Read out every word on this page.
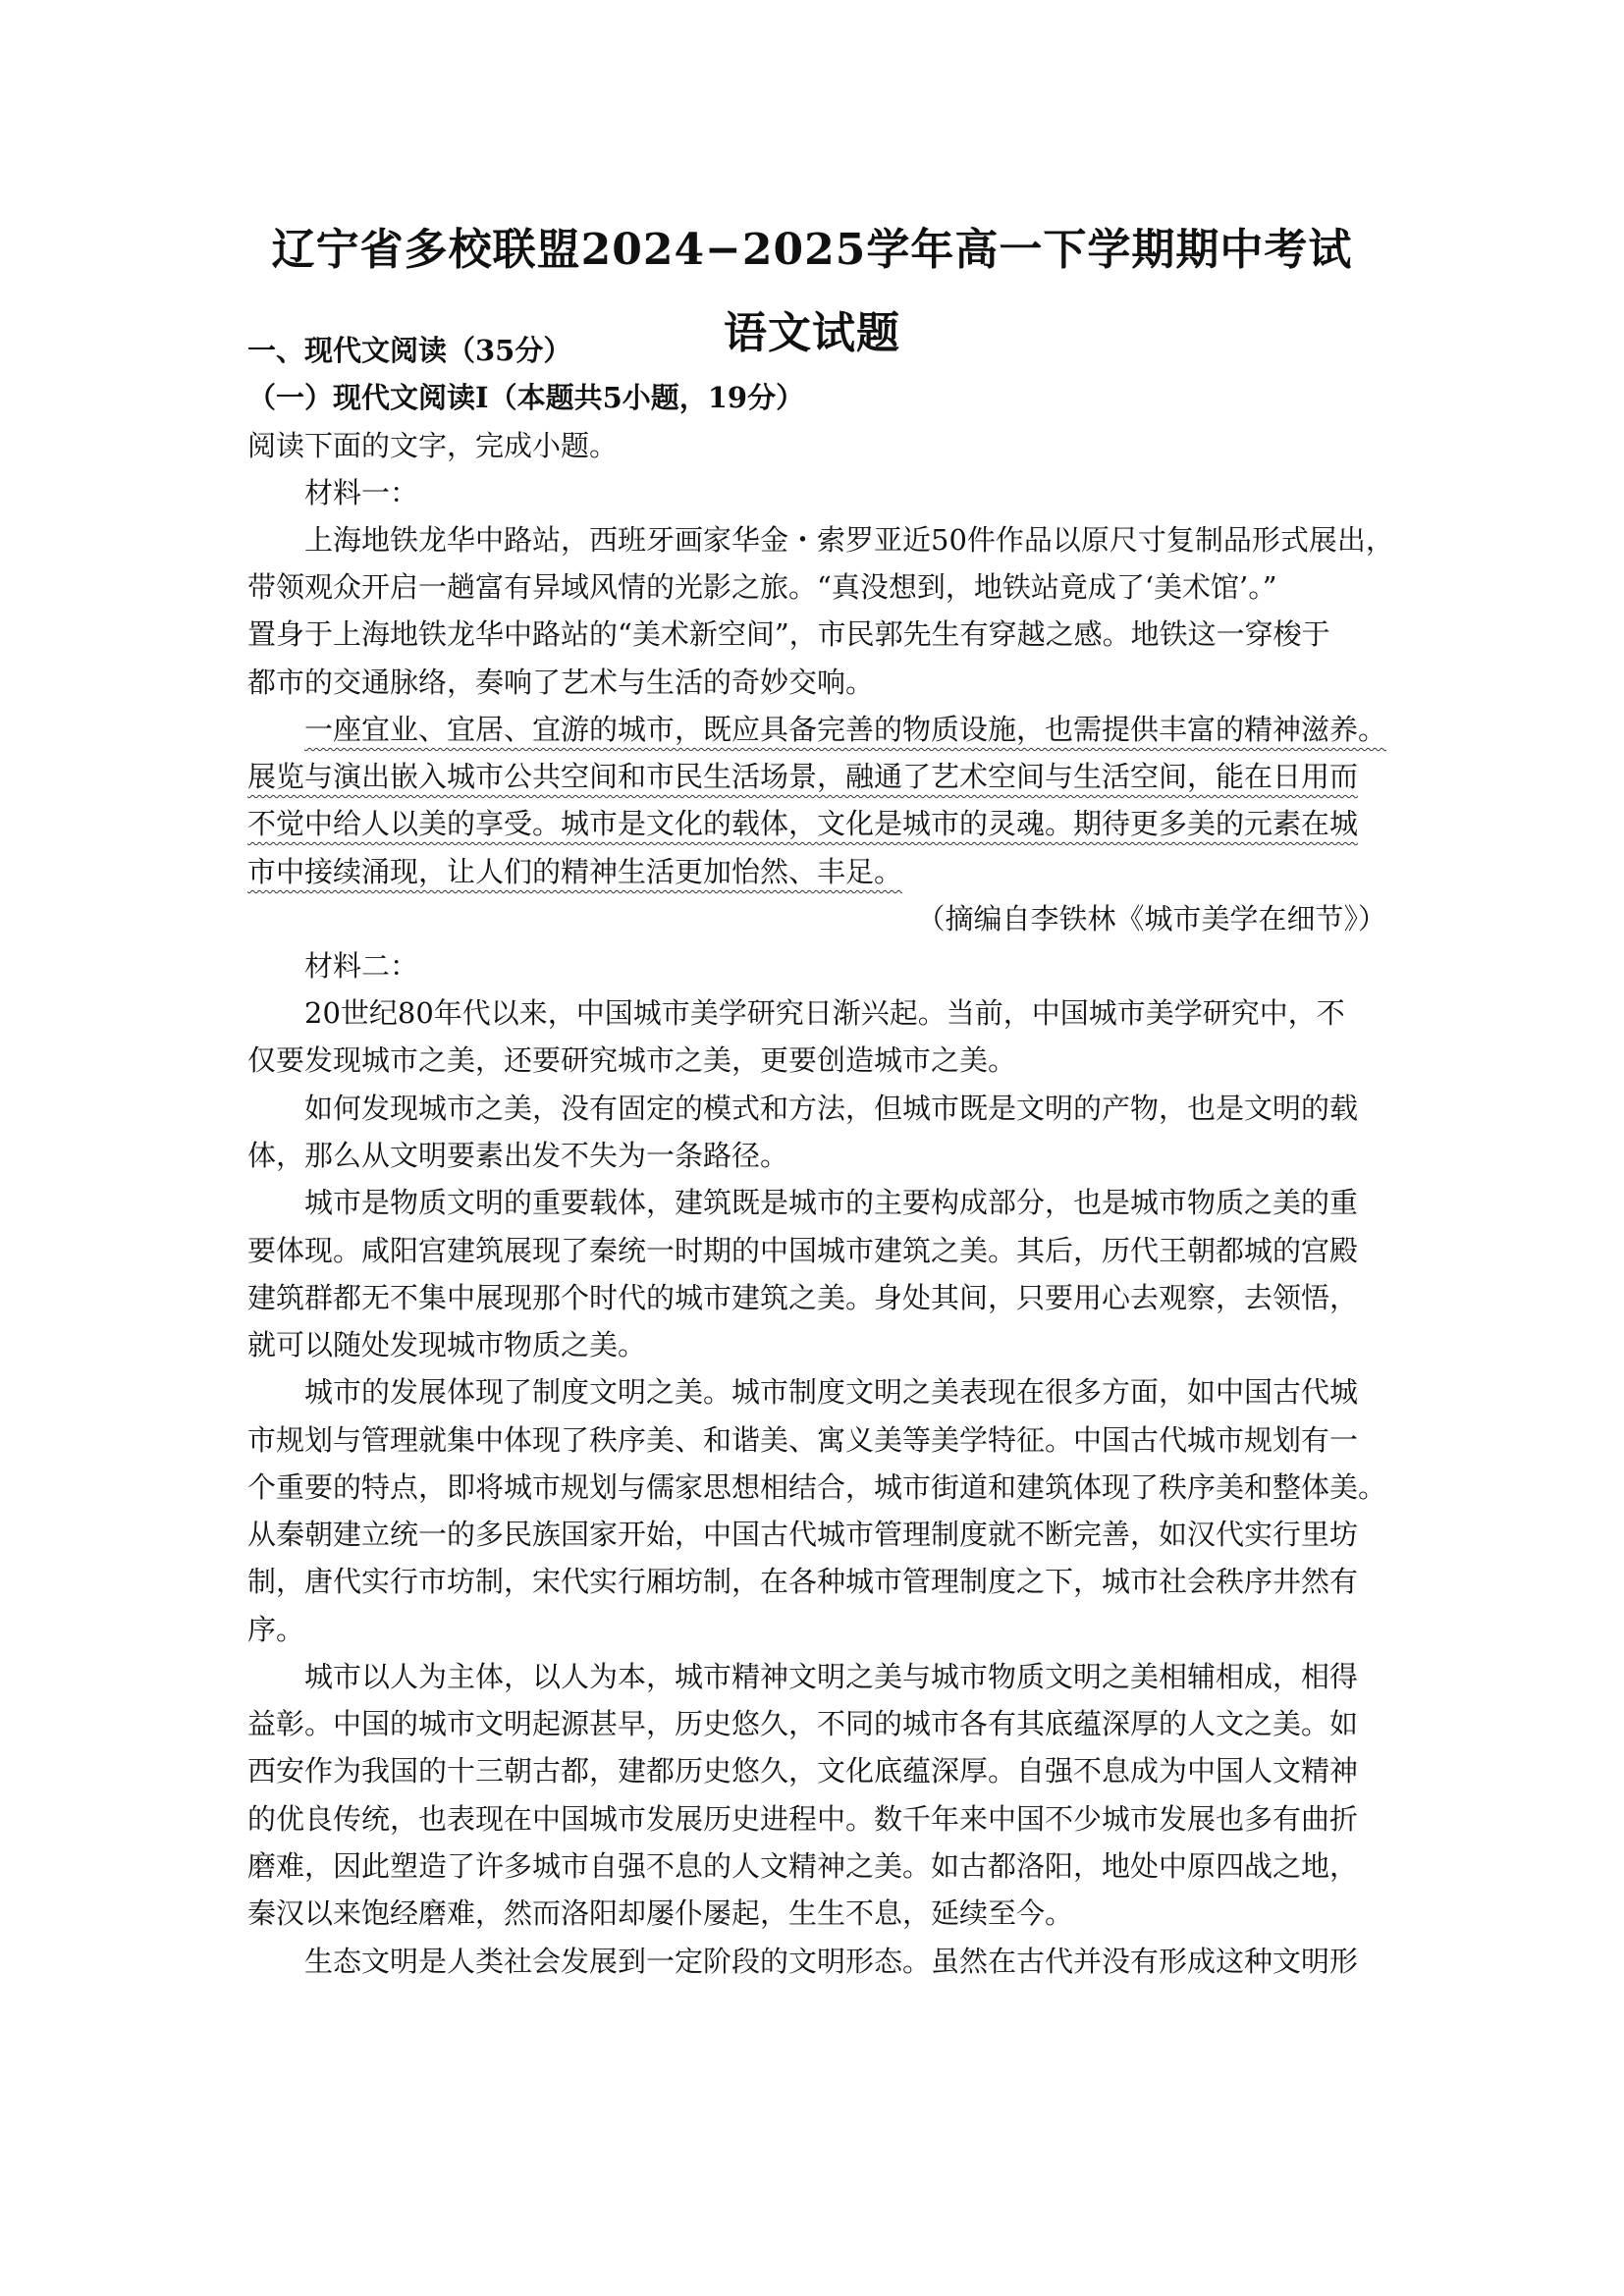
辽宁省多校联盟2024−2025学年高一下学期期中考试
语文试题
一、现代文阅读（35分）
（一）现代文阅读Ⅰ（本题共5小题，19分）
阅读下面的文字，完成小题。
材料一：
上海地铁龙华中路站，西班牙画家华金・索罗亚近50件作品以原尺寸复制品形式展出，
带领观众开启一趟富有异域风情的光影之旅。“真没想到，地铁站竟成了‘美术馆’。”
置身于上海地铁龙华中路站的“美术新空间”，市民郭先生有穿越之感。地铁这一穿梭于
都市的交通脉络，奏响了艺术与生活的奇妙交响。
一座宜业、宜居、宜游的城市，既应具备完善的物质设施，也需提供丰富的精神滋养。
展览与演出嵌入城市公共空间和市民生活场景，融通了艺术空间与生活空间，能在日用而
不觉中给人以美的享受。城市是文化的载体，文化是城市的灵魂。期待更多美的元素在城
市中接续涌现，让人们的精神生活更加怡然、丰足。
（摘编自李铁林《城市美学在细节》）
材料二：
20世纪80年代以来，中国城市美学研究日渐兴起。当前，中国城市美学研究中，不
仅要发现城市之美，还要研究城市之美，更要创造城市之美。
如何发现城市之美，没有固定的模式和方法，但城市既是文明的产物，也是文明的载
体，那么从文明要素出发不失为一条路径。
城市是物质文明的重要载体，建筑既是城市的主要构成部分，也是城市物质之美的重
要体现。咸阳宫建筑展现了秦统一时期的中国城市建筑之美。其后，历代王朝都城的宫殿
建筑群都无不集中展现那个时代的城市建筑之美。身处其间，只要用心去观察，去领悟，
就可以随处发现城市物质之美。
城市的发展体现了制度文明之美。城市制度文明之美表现在很多方面，如中国古代城
市规划与管理就集中体现了秩序美、和谐美、寓义美等美学特征。中国古代城市规划有一
个重要的特点，即将城市规划与儒家思想相结合，城市街道和建筑体现了秩序美和整体美。
从秦朝建立统一的多民族国家开始，中国古代城市管理制度就不断完善，如汉代实行里坊
制，唐代实行市坊制，宋代实行厢坊制，在各种城市管理制度之下，城市社会秩序井然有
序。
城市以人为主体，以人为本，城市精神文明之美与城市物质文明之美相辅相成，相得
益彰。中国的城市文明起源甚早，历史悠久，不同的城市各有其底蕴深厚的人文之美。如
西安作为我国的十三朝古都，建都历史悠久，文化底蕴深厚。自强不息成为中国人文精神
的优良传统，也表现在中国城市发展历史进程中。数千年来中国不少城市发展也多有曲折
磨难，因此塑造了许多城市自强不息的人文精神之美。如古都洛阳，地处中原四战之地，
秦汉以来饱经磨难，然而洛阳却屡仆屡起，生生不息，延续至今。
生态文明是人类社会发展到一定阶段的文明形态。虽然在古代并没有形成这种文明形
